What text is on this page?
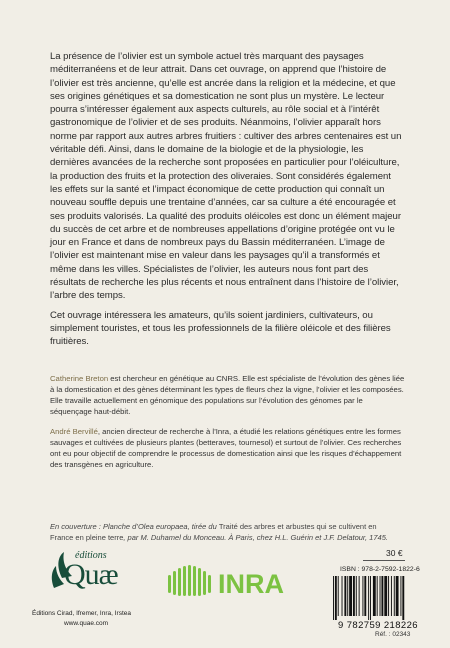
La présence de l’olivier est un symbole actuel très marquant des paysages méditerranéens et de leur attrait. Dans cet ouvrage, on apprend que l’histoire de l’olivier est très ancienne, qu’elle est ancrée dans la religion et la médecine, et que ses origines génétiques et sa domestication ne sont plus un mystère. Le lecteur pourra s’intéresser également aux aspects culturels, au rôle social et à l’intérêt gastronomique de l’olivier et de ses produits. Néanmoins, l’olivier apparaît hors norme par rapport aux autres arbres fruitiers : cultiver des arbres centenaires est un véritable défi. Ainsi, dans le domaine de la biologie et de la physiologie, les dernières avancées de la recherche sont proposées en particulier pour l’oléiculture, la production des fruits et la protection des oliveraies. Sont considérés également les effets sur la santé et l’impact économique de cette production qui connaît un nouveau souffle depuis une trentaine d’années, car sa culture a été encouragée et ses produits valorisés. La qualité des produits oléicoles est donc un élément majeur du succès de cet arbre et de nombreuses appellations d’origine protégée ont vu le jour en France et dans de nombreux pays du Bassin méditerranéen. L’image de l’olivier est maintenant mise en valeur dans les paysages qu’il a transformés et même dans les villes. Spécialistes de l’olivier, les auteurs nous font part des résultats de recherche les plus récents et nous entraînent dans l’histoire de l’olivier, l’arbre des temps.

Cet ouvrage intéressera les amateurs, qu’ils soient jardiniers, cultivateurs, ou simplement touristes, et tous les professionnels de la filière oléicole et des filières fruitières.

Catherine Breton est chercheur en génétique au CNRS. Elle est spécialiste de l’évolution des gènes liée à la domestication et des gènes déterminant les types de fleurs chez la vigne, l’olivier et les composées. Elle travaille actuellement en génomique des populations sur l’évolution des génomes par le séquençage haut-débit.

André Bervillé, ancien directeur de recherche à l’Inra, a étudié les relations génétiques entre les formes sauvages et cultivées de plusieurs plantes (betteraves, tournesol) et surtout de l’olivier. Ces recherches ont eu pour objectif de comprendre le processus de domestication ainsi que les risques d’échappement des transgènes en agriculture.

En couverture : Planche d’Olea europaea, tirée du Traité des arbres et arbustes qui se cultivent en France en pleine terre, par M. Duhamel du Monceau. À Paris, chez H.L. Guérin et J.F. Delatour, 1745.
éditions
Quæ
Éditions Cirad, Ifremer, Inra, Irstea
www.quae.com
INRA
30 €
ISBN : 978-2-7592-1822-6
9 782759 218226
Réf. : 02343
